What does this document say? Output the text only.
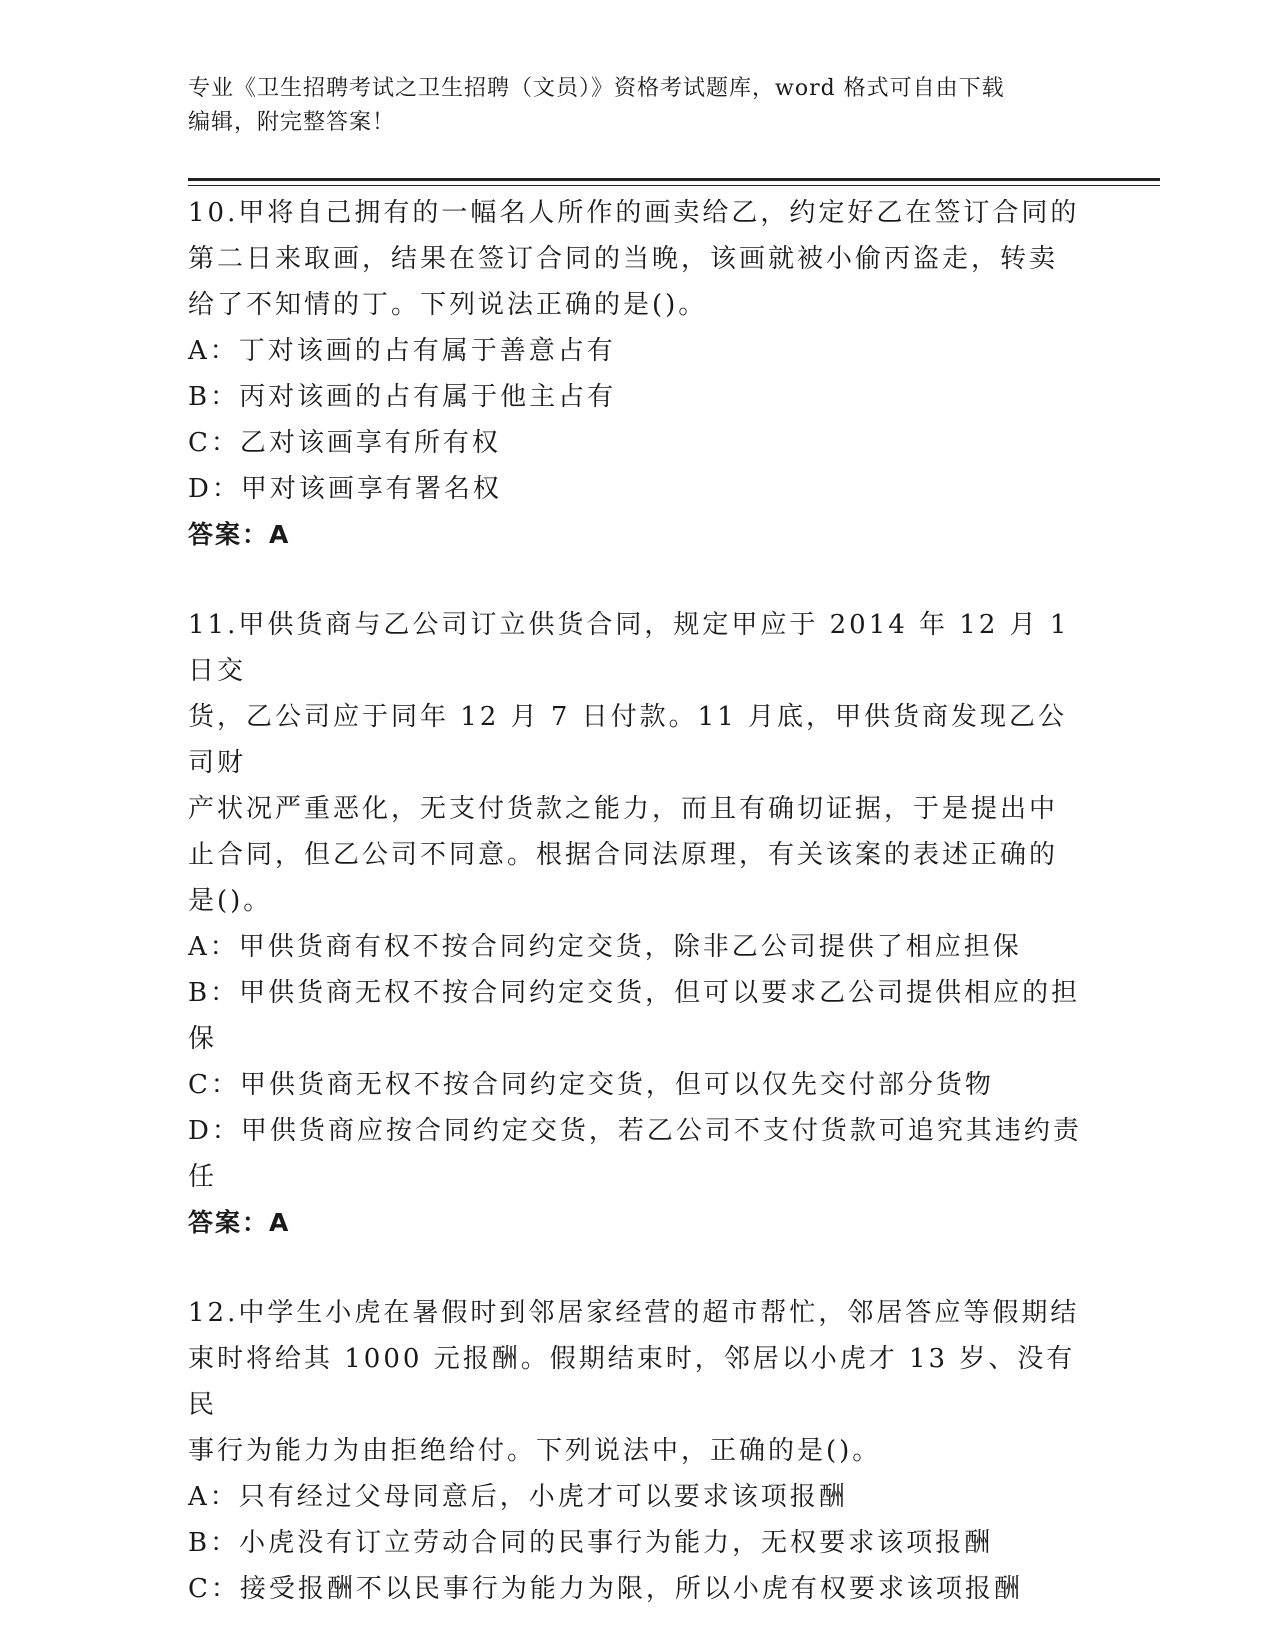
专业《卫生招聘考试之卫生招聘（文员）》资格考试题库，word 格式可自由下载
编辑，附完整答案！

10.甲将自己拥有的一幅名人所作的画卖给乙，约定好乙在签订合同的

第二日来取画，结果在签订合同的当晚，该画就被小偷丙盗走，转卖

给了不知情的丁。下列说法正确的是()。

A：丁对该画的占有属于善意占有

B：丙对该画的占有属于他主占有

C：乙对该画享有所有权

D：甲对该画享有署名权

答案：A

11.甲供货商与乙公司订立供货合同，规定甲应于 2014 年 12 月 1 日交

货，乙公司应于同年 12 月 7 日付款。11 月底，甲供货商发现乙公司财

产状况严重恶化，无支付货款之能力，而且有确切证据，于是提出中

止合同，但乙公司不同意。根据合同法原理，有关该案的表述正确的

是()。

A：甲供货商有权不按合同约定交货，除非乙公司提供了相应担保

B：甲供货商无权不按合同约定交货，但可以要求乙公司提供相应的担

保

C：甲供货商无权不按合同约定交货，但可以仅先交付部分货物

D：甲供货商应按合同约定交货，若乙公司不支付货款可追究其违约责

任

答案：A

12.中学生小虎在暑假时到邻居家经营的超市帮忙，邻居答应等假期结

束时将给其 1000 元报酬。假期结束时，邻居以小虎才 13 岁、没有民

事行为能力为由拒绝给付。下列说法中，正确的是()。

A：只有经过父母同意后，小虎才可以要求该项报酬

B：小虎没有订立劳动合同的民事行为能力，无权要求该项报酬

C：接受报酬不以民事行为能力为限，所以小虎有权要求该项报酬
